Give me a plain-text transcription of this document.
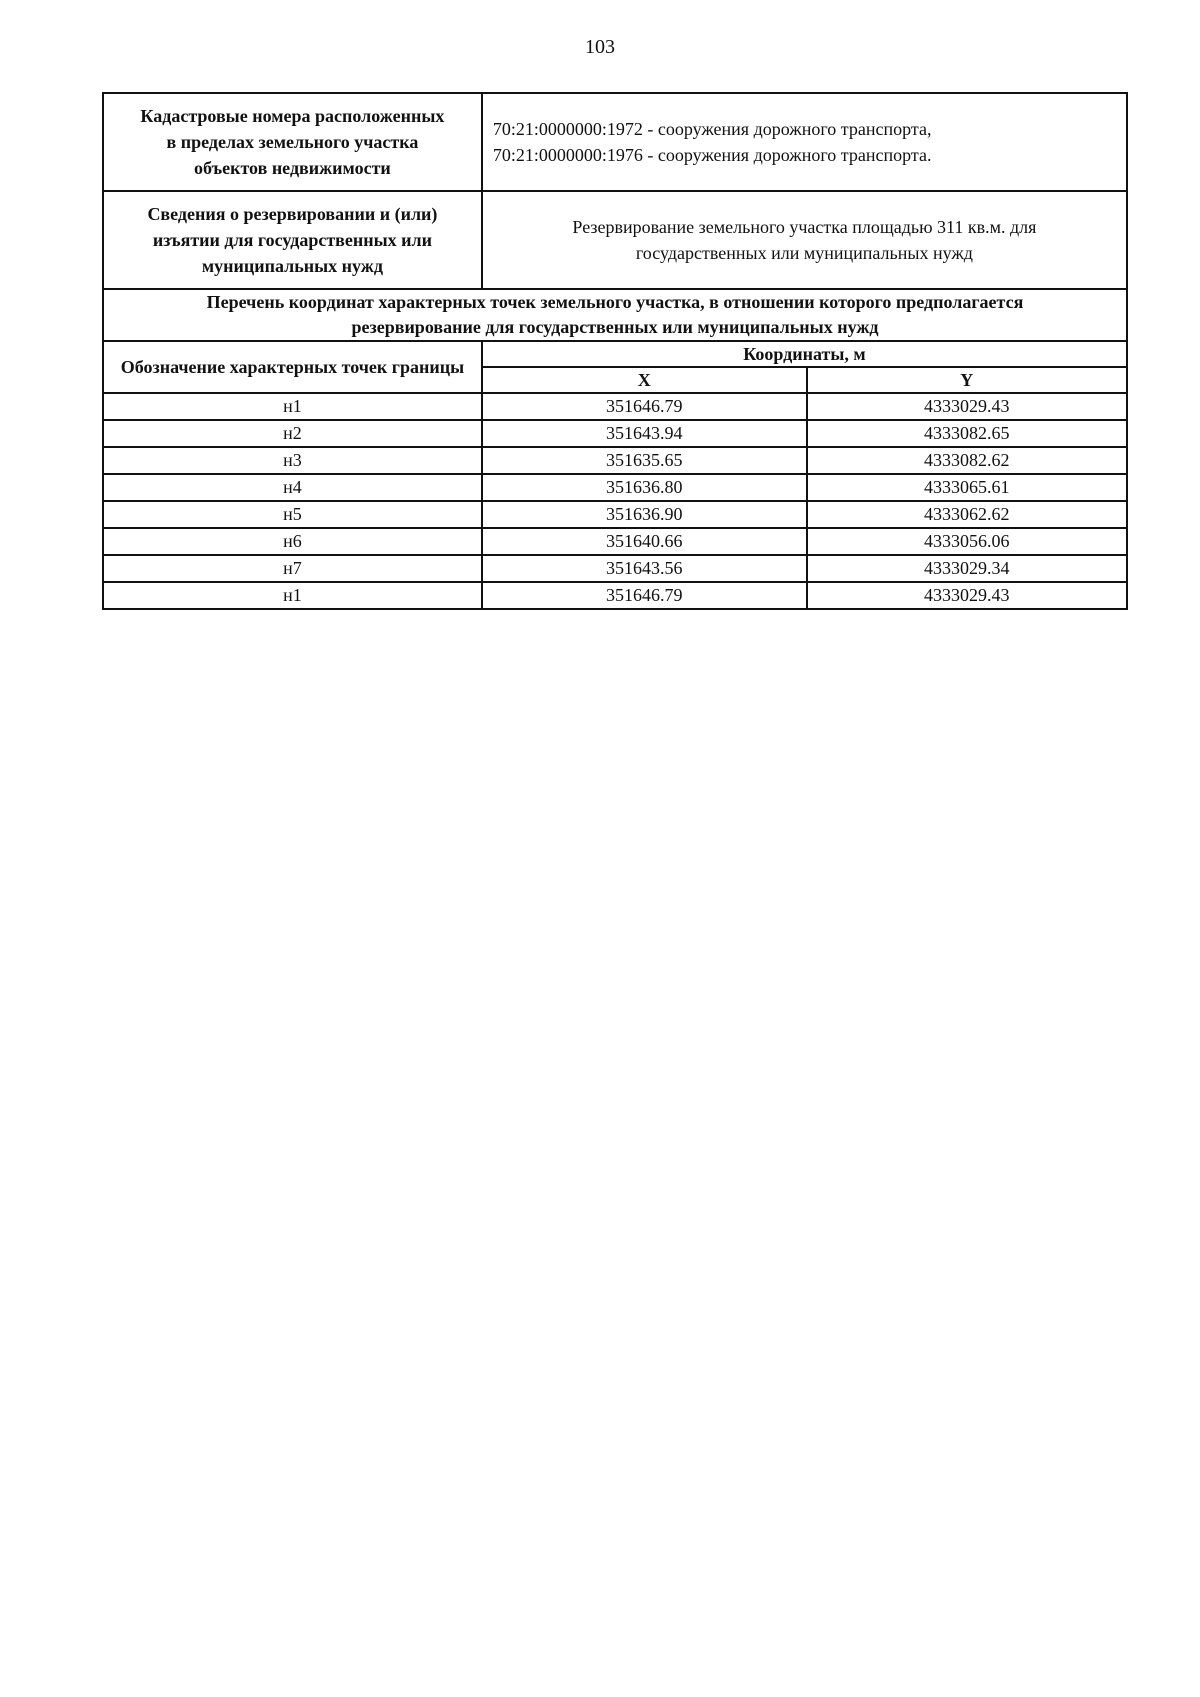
103
Кадастровые номера расположенных в пределах земельного участка объектов недвижимости	70:21:0000000:1972 - сооружения дорожного транспорта,
70:21:0000000:1976 - сооружения дорожного транспорта.	

Сведения о резервировании и (или) изъятии для государственных или муниципальных нужд	Резервирование земельного участка площадью 311 кв.м. для государственных или муниципальных нужд	
Перечень координат характерных точек земельного участка, в отношении которого предполагается резервирование для государственных или муниципальных нужд		
Обозначение характерных точек границы	Координаты, м	
	X	Y
н1	351646.79	4333029.43
н2	351643.94	4333082.65
н3	351635.65	4333082.62
н4	351636.80	4333065.61
н5	351636.90	4333062.62
н6	351640.66	4333056.06
н7	351643.56	4333029.34
н1	351646.79	4333029.43
